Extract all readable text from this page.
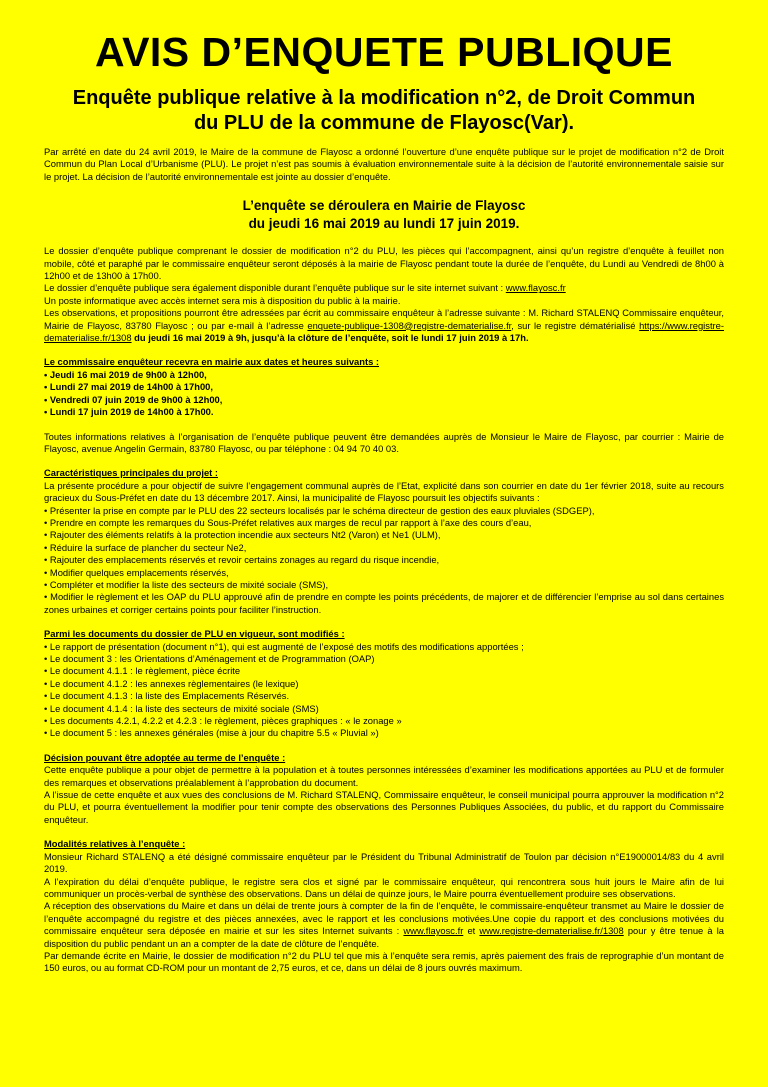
AVIS D’ENQUETE PUBLIQUE
Enquête publique relative à la modification n°2, de Droit Commun
du PLU de la commune de Flayosc(Var).

Par arrêté en date du 24 avril 2019, le Maire de la commune de Flayosc a ordonné l’ouverture d’une enquête publique sur le projet de modification n°2 de Droit Commun du Plan Local d’Urbanisme (PLU). Le projet n’est pas soumis à évaluation environnementale suite à la décision de l’autorité environnementale saisie sur le projet. La décision de l’autorité environnementale est jointe au dossier d’enquête.

L’enquête se déroulera en Mairie de Flayosc
du jeudi 16 mai 2019 au lundi 17 juin 2019.

Le dossier d’enquête publique comprenant le dossier de modification n°2 du PLU, les pièces qui l’accompagnent, ainsi qu’un registre d’enquête à feuillet non mobile, côté et paraphé par le commissaire enquêteur seront déposés à la mairie de Flayosc pendant toute la durée de l’enquête, du Lundi au Vendredi de 8h00 à 12h00 et de 13h00 à 17h00.

Le dossier d’enquête publique sera également disponible durant l’enquête publique sur le site internet suivant : www.flayosc.fr

Un poste informatique avec accès internet sera mis à disposition du public à la mairie.

Les observations, et propositions pourront être adressées par écrit au commissaire enquêteur à l’adresse suivante : M. Richard STALENQ Commissaire enquêteur, Mairie de Flayosc, 83780 Flayosc ; ou par e-mail à l’adresse enquete-publique-1308@registre-dematerialise.fr, sur le registre dématérialisé https://www.registre-dematerialise.fr/1308 du jeudi 16 mai 2019 à 9h, jusqu’à la clôture de l’enquête, soit le lundi 17 juin 2019 à 17h.

Le commissaire enquêteur recevra en mairie aux dates et heures suivants :

• Jeudi 16 mai 2019 de 9h00 à 12h00,
• Lundi 27 mai 2019 de 14h00 à 17h00,
• Vendredi 07 juin 2019 de 9h00 à 12h00,
• Lundi 17 juin 2019 de 14h00 à 17h00.

Toutes informations relatives à l’organisation de l’enquête publique peuvent être demandées auprès de Monsieur le Maire de Flayosc, par courrier : Mairie de Flayosc, avenue Angelin Germain, 83780 Flayosc, ou par téléphone : 04 94 70 40 03.

Caractéristiques principales du projet :

La présente procédure a pour objectif de suivre l’engagement communal auprès de l’Etat, explicité dans son courrier en date du 1er février 2018, suite au recours gracieux du Sous-Préfet en date du 13 décembre 2017. Ainsi, la municipalité de Flayosc poursuit les objectifs suivants :

• Présenter la prise en compte par le PLU des 22 secteurs localisés par le schéma directeur de gestion des eaux pluviales (SDGEP),
• Prendre en compte les remarques du Sous-Préfet relatives aux marges de recul par rapport à l’axe des cours d’eau,
• Rajouter des éléments relatifs à la protection incendie aux secteurs Nt2 (Varon) et Ne1 (ULM),
• Réduire la surface de plancher du secteur Ne2,
• Rajouter des emplacements réservés et revoir certains zonages au regard du risque incendie,
• Modifier quelques emplacements réservés,
• Compléter et modifier la liste des secteurs de mixité sociale (SMS),
• Modifier le règlement et les OAP du PLU approuvé afin de prendre en compte les points précédents, de majorer et de différencier l’emprise au sol dans certaines zones urbaines et corriger certains points pour faciliter l’instruction.

Parmi les documents du dossier de PLU en vigueur, sont modifiés :

• Le rapport de présentation (document n°1), qui est augmenté de l’exposé des motifs des modifications apportées ;
• Le document 3 : les Orientations d’Aménagement et de Programmation (OAP)
• Le document 4.1.1 : le règlement, pièce écrite
• Le document 4.1.2 : les annexes règlementaires (le lexique)
• Le document 4.1.3 : la liste des Emplacements Réservés.
• Le document 4.1.4 : la liste des secteurs de mixité sociale (SMS)
• Les documents 4.2.1, 4.2.2 et 4.2.3 : le règlement, pièces graphiques : « le zonage »
• Le document 5 : les annexes générales (mise à jour du chapitre 5.5 « Pluvial »)

Décision pouvant être adoptée au terme de l’enquête :

Cette enquête publique a pour objet de permettre à la population et à toutes personnes intéressées d’examiner les modifications apportées au PLU et de formuler des remarques et observations préalablement à l’approbation du document.

A l’issue de cette enquête et aux vues des conclusions de M. Richard STALENQ, Commissaire enquêteur, le conseil municipal pourra approuver la modification n°2 du PLU, et pourra éventuellement la modifier pour tenir compte des observations des Personnes Publiques Associées, du public, et du rapport du Commissaire enquêteur.

Modalités relatives à l’enquête :

Monsieur Richard STALENQ a été désigné commissaire enquêteur par le Président du Tribunal Administratif de Toulon par décision n°E19000014/83 du 4 avril 2019.

A l’expiration du délai d’enquête publique, le registre sera clos et signé par le commissaire enquêteur, qui rencontrera sous huit jours le Maire afin de lui communiquer un procès-verbal de synthèse des observations. Dans un délai de quinze jours, le Maire pourra éventuellement produire ses observations.

A réception des observations du Maire et dans un délai de trente jours à compter de la fin de l’enquête, le commissaire-enquêteur transmet au Maire le dossier de l’enquête accompagné du registre et des pièces annexées, avec le rapport et les conclusions motivées.Une copie du rapport et des conclusions motivées du commissaire enquêteur sera déposée en mairie et sur les sites Internet suivants : www.flayosc.fr et www.registre-dematerialise.fr/1308 pour y être tenue à la disposition du public pendant un an a compter de la date de clôture de l’enquête.

Par demande écrite en Mairie, le dossier de modification n°2 du PLU tel que mis à l’enquête sera remis, après paiement des frais de reprographie d’un montant de 150 euros, ou au format CD-ROM pour un montant de 2,75 euros, et ce, dans un délai de 8 jours ouvrés maximum.
